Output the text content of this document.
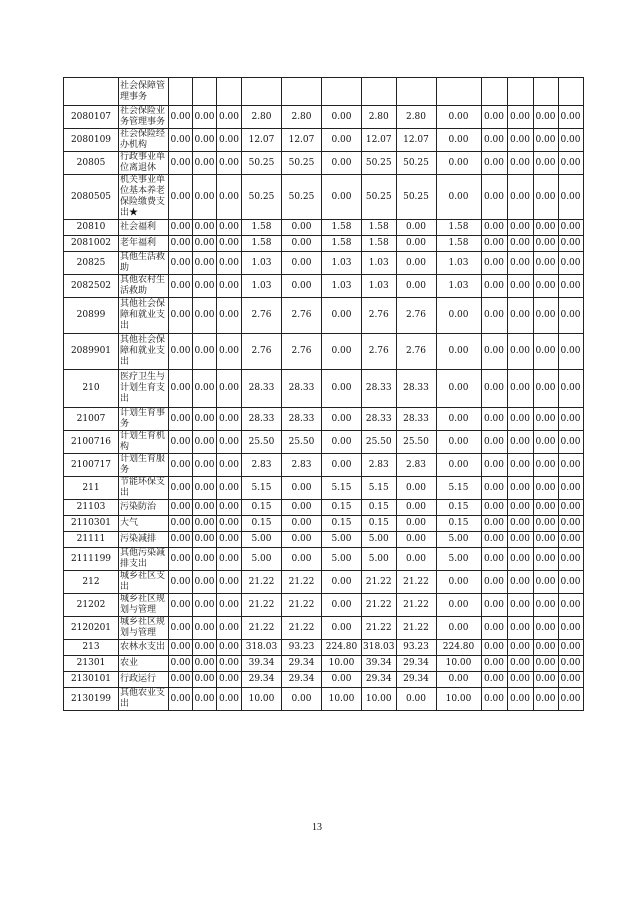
	社会保障管理事务													
2080107	社会保险业务管理事务	0.00	0.00	0.00	2.80	2.80	0.00	2.80	2.80	0.00	0.00	0.00	0.00	0.00
2080109	社会保险经办机构	0.00	0.00	0.00	12.07	12.07	0.00	12.07	12.07	0.00	0.00	0.00	0.00	0.00
20805	行政事业单位离退休	0.00	0.00	0.00	50.25	50.25	0.00	50.25	50.25	0.00	0.00	0.00	0.00	0.00
2080505	机关事业单位基本养老保险缴费支出★	0.00	0.00	0.00	50.25	50.25	0.00	50.25	50.25	0.00	0.00	0.00	0.00	0.00
20810	社会福利	0.00	0.00	0.00	1.58	0.00	1.58	1.58	0.00	1.58	0.00	0.00	0.00	0.00
2081002	老年福利	0.00	0.00	0.00	1.58	0.00	1.58	1.58	0.00	1.58	0.00	0.00	0.00	0.00
20825	其他生活救助	0.00	0.00	0.00	1.03	0.00	1.03	1.03	0.00	1.03	0.00	0.00	0.00	0.00
2082502	其他农村生活救助	0.00	0.00	0.00	1.03	0.00	1.03	1.03	0.00	1.03	0.00	0.00	0.00	0.00
20899	其他社会保障和就业支出	0.00	0.00	0.00	2.76	2.76	0.00	2.76	2.76	0.00	0.00	0.00	0.00	0.00
2089901	其他社会保障和就业支出	0.00	0.00	0.00	2.76	2.76	0.00	2.76	2.76	0.00	0.00	0.00	0.00	0.00
210	医疗卫生与计划生育支出	0.00	0.00	0.00	28.33	28.33	0.00	28.33	28.33	0.00	0.00	0.00	0.00	0.00
21007	计划生育事务	0.00	0.00	0.00	28.33	28.33	0.00	28.33	28.33	0.00	0.00	0.00	0.00	0.00
2100716	计划生育机构	0.00	0.00	0.00	25.50	25.50	0.00	25.50	25.50	0.00	0.00	0.00	0.00	0.00
2100717	计划生育服务	0.00	0.00	0.00	2.83	2.83	0.00	2.83	2.83	0.00	0.00	0.00	0.00	0.00
211	节能环保支出	0.00	0.00	0.00	5.15	0.00	5.15	5.15	0.00	5.15	0.00	0.00	0.00	0.00
21103	污染防治	0.00	0.00	0.00	0.15	0.00	0.15	0.15	0.00	0.15	0.00	0.00	0.00	0.00
2110301	大气	0.00	0.00	0.00	0.15	0.00	0.15	0.15	0.00	0.15	0.00	0.00	0.00	0.00
21111	污染减排	0.00	0.00	0.00	5.00	0.00	5.00	5.00	0.00	5.00	0.00	0.00	0.00	0.00
2111199	其他污染减排支出	0.00	0.00	0.00	5.00	0.00	5.00	5.00	0.00	5.00	0.00	0.00	0.00	0.00
212	城乡社区支出	0.00	0.00	0.00	21.22	21.22	0.00	21.22	21.22	0.00	0.00	0.00	0.00	0.00
21202	城乡社区规划与管理	0.00	0.00	0.00	21.22	21.22	0.00	21.22	21.22	0.00	0.00	0.00	0.00	0.00
2120201	城乡社区规划与管理	0.00	0.00	0.00	21.22	21.22	0.00	21.22	21.22	0.00	0.00	0.00	0.00	0.00
213	农林水支出	0.00	0.00	0.00	318.03	93.23	224.80	318.03	93.23	224.80	0.00	0.00	0.00	0.00
21301	农业	0.00	0.00	0.00	39.34	29.34	10.00	39.34	29.34	10.00	0.00	0.00	0.00	0.00
2130101	行政运行	0.00	0.00	0.00	29.34	29.34	0.00	29.34	29.34	0.00	0.00	0.00	0.00	0.00
2130199	其他农业支出	0.00	0.00	0.00	10.00	0.00	10.00	10.00	0.00	10.00	0.00	0.00	0.00	0.00
13
